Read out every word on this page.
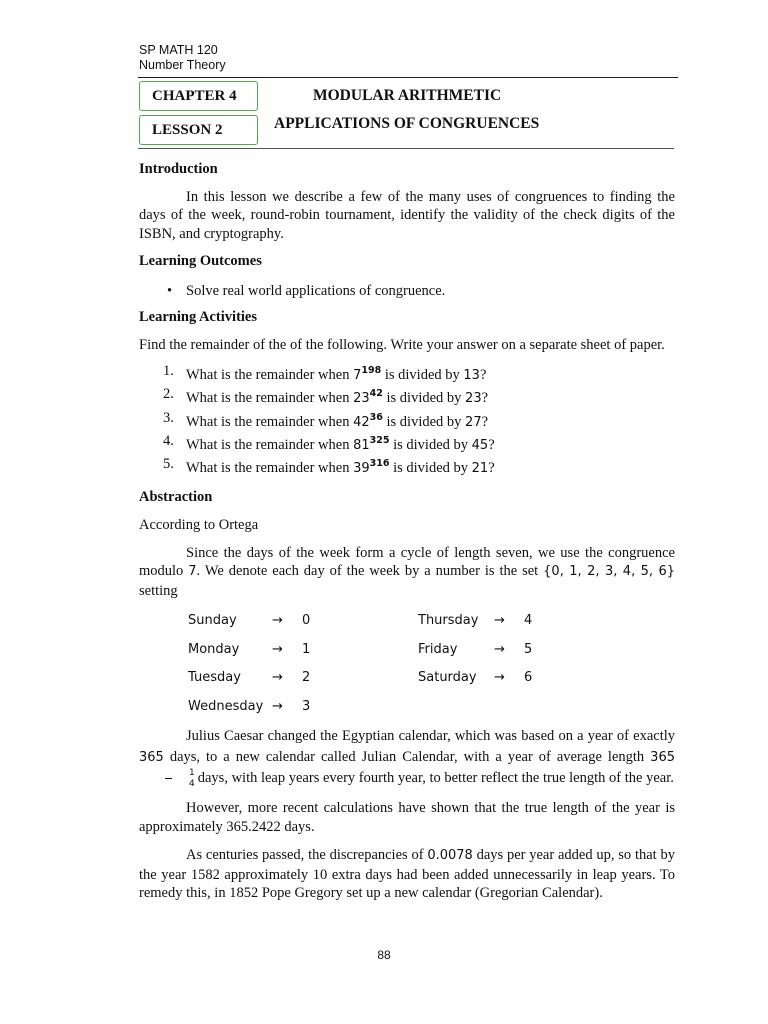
SP MATH 120
Number Theory
CHAPTER 4	MODULAR ARITHMETIC
LESSON 2	APPLICATIONS OF CONGRUENCES
Introduction

In this lesson we describe a few of the many uses of congruences to finding the days of the week, round-robin tournament, identify the validity of the check digits of the ISBN, and cryptography.

Learning Outcomes
• Solve real world applications of congruence.
Learning Activities

Find the remainder of the of the following. Write your answer on a separate sheet of paper.

1. What is the remainder when $7^{198}$ is divided by 13?
2. What is the remainder when $23^{42}$ is divided by 23?
3. What is the remainder when $42^{36}$ is divided by 27?
4. What is the remainder when $81^{325}$ is divided by 45?
5. What is the remainder when $39^{316}$ is divided by 21?
Abstraction

According to Ortega

Since the days of the week form a cycle of length seven, we use the congruence modulo 7. We denote each day of the week by a number is the set {0, 1, 2, 3, 4, 5, 6} setting

Sunday	→	0	Thursday	→	4
Monday	→	1	Friday	→	5
Tuesday	→	2	Saturday	→	6
Wednesday →	3

Julius Caesar changed the Egyptian calendar, which was based on a year of exactly 365 days, to a new calendar called Julian Calendar, with a year of average length 365
$\frac{1}{4}$ days, with leap years every fourth year, to better reflect the true length of the year.

However, more recent calculations have shown that the true length of the year is approximately 365.2422 days.

As centuries passed, the discrepancies of 0.0078 days per year added up, so that by the year 1582 approximately 10 extra days had been added unnecessarily in leap years. To remedy this, in 1852 Pope Gregory set up a new calendar (Gregorian Calendar).

88
